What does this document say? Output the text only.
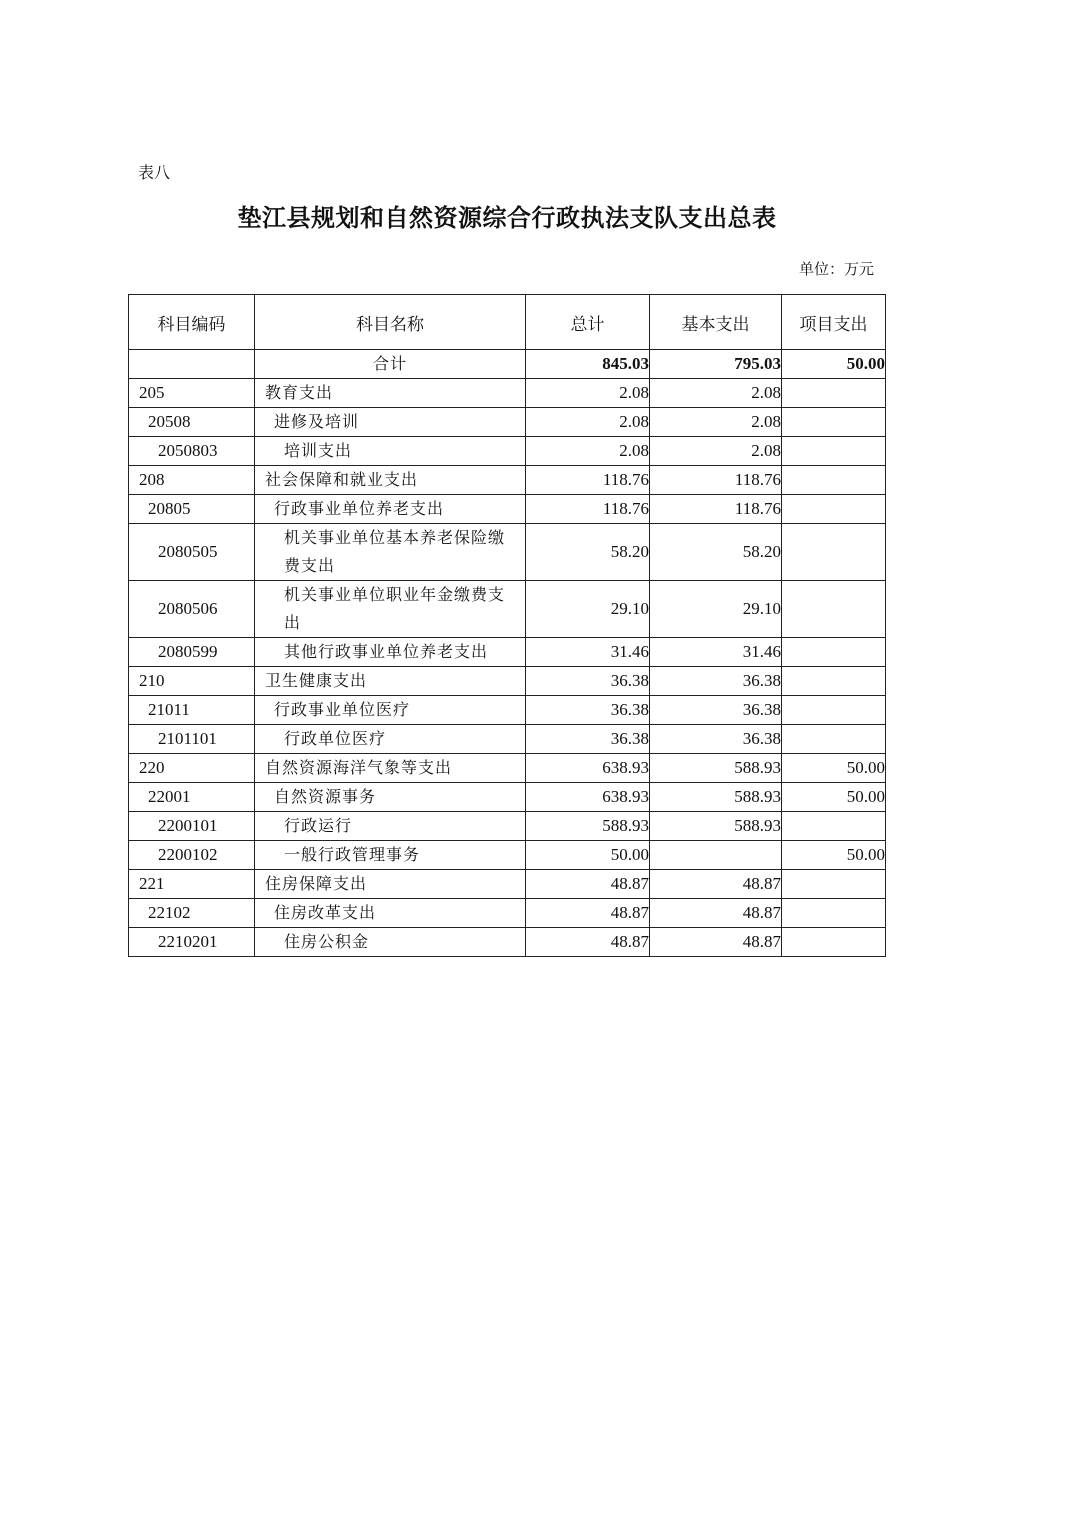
表八
垫江县规划和自然资源综合行政执法支队支出总表
单位：万元
科目编码	科目名称	总计	基本支出	项目支出
	合计	845.03	795.03	50.00
205	教育支出	2.08	2.08	
20508	进修及培训	2.08	2.08	
2050803	培训支出	2.08	2.08	
208	社会保障和就业支出	118.76	118.76	
20805	行政事业单位养老支出	118.76	118.76	
2080505	机关事业单位基本养老保险缴费支出	58.20	58.20	
2080506	机关事业单位职业年金缴费支出	29.10	29.10	
2080599	其他行政事业单位养老支出	31.46	31.46	
210	卫生健康支出	36.38	36.38	
21011	行政事业单位医疗	36.38	36.38	
2101101	行政单位医疗	36.38	36.38	
220	自然资源海洋气象等支出	638.93	588.93	50.00
22001	自然资源事务	638.93	588.93	50.00
2200101	行政运行	588.93	588.93	
2200102	一般行政管理事务	50.00		50.00
221	住房保障支出	48.87	48.87	
22102	住房改革支出	48.87	48.87	
2210201	住房公积金	48.87	48.87	
